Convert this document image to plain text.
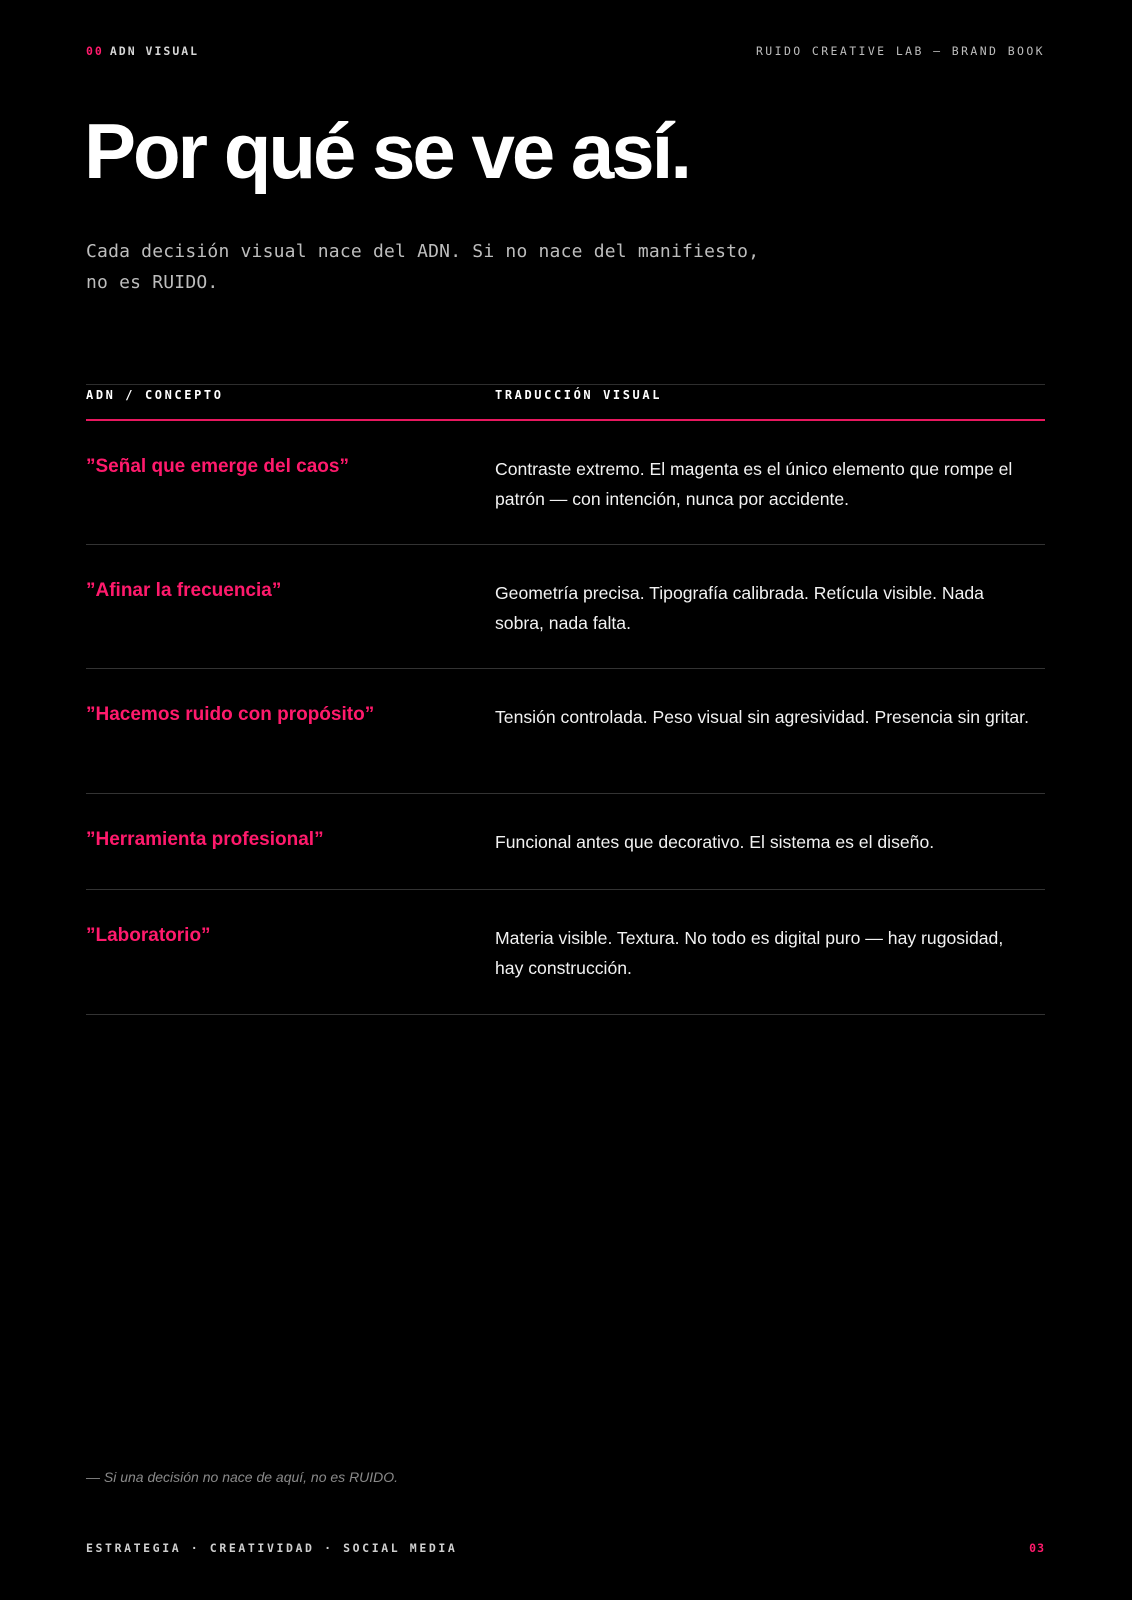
00 ADN VISUAL	RUIDO CREATIVE LAB — BRAND BOOK
Por qué se ve así.

Cada decisión visual nace del ADN. Si no nace del manifiesto, no es RUIDO.

ADN / CONCEPTO	TRADUCCIÓN VISUAL
”Señal que emerge del caos”	Contraste extremo. El magenta es el único elemento que rompe el patrón — con intención, nunca por accidente.
”Afinar la frecuencia”	Geometría precisa. Tipografía calibrada. Retícula visible. Nada sobra, nada falta.
”Hacemos ruido con propósito”	Tensión controlada. Peso visual sin agresividad. Presencia sin gritar.
”Herramienta profesional”	Funcional antes que decorativo. El sistema es el diseño.
”Laboratorio”	Materia visible. Textura. No todo es digital puro — hay rugosidad, hay construcción.

— Si una decisión no nace de aquí, no es RUIDO.

ESTRATEGIA · CREATIVIDAD · SOCIAL MEDIA	03
